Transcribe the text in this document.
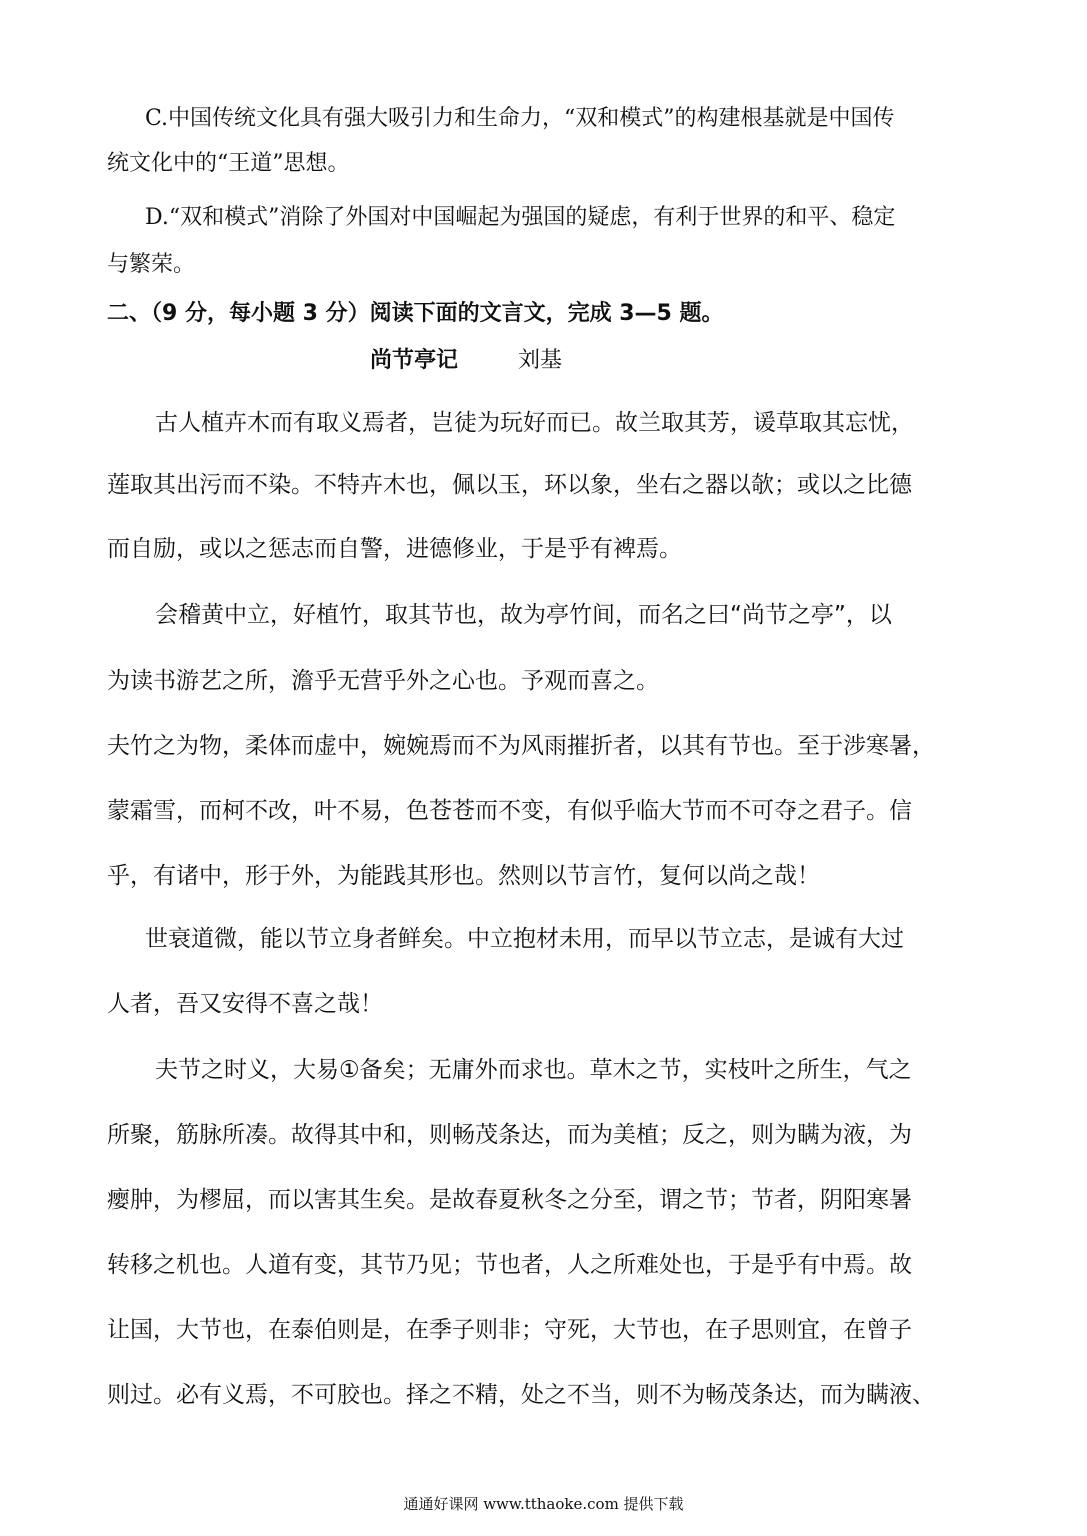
C.中国传统文化具有强大吸引力和生命力，“双和模式”的构建根基就是中国传
统文化中的“王道”思想。
D.“双和模式”消除了外国对中国崛起为强国的疑虑，有利于世界的和平、稳定
与繁荣。
二、（9 分，每小题 3 分）阅读下面的文言文，完成 3—5 题。
尚节亭记	刘基
古人植卉木而有取义焉者，岂徒为玩好而已。故兰取其芳，谖草取其忘忧，
莲取其出污而不染。不特卉木也，佩以玉，环以象，坐右之器以欹；或以之比德
而自励，或以之惩志而自警，进德修业，于是乎有裨焉。
会稽黄中立，好植竹，取其节也，故为亭竹间，而名之曰“尚节之亭”，以
为读书游艺之所，澹乎无营乎外之心也。予观而喜之。
夫竹之为物，柔体而虚中，婉婉焉而不为风雨摧折者，以其有节也。至于涉寒暑，
蒙霜雪，而柯不改，叶不易，色苍苍而不变，有似乎临大节而不可夺之君子。信
乎，有诸中，形于外，为能践其形也。然则以节言竹，复何以尚之哉！
世衰道微，能以节立身者鲜矣。中立抱材未用，而早以节立志，是诚有大过
人者，吾又安得不喜之哉！
夫节之时义，大易①备矣；无庸外而求也。草木之节，实枝叶之所生，气之
所聚，筋脉所凑。故得其中和，则畅茂条达，而为美植；反之，则为瞒为液，为
瘿肿，为樛屈，而以害其生矣。是故春夏秋冬之分至，谓之节；节者，阴阳寒暑
转移之机也。人道有变，其节乃见；节也者，人之所难处也，于是乎有中焉。故
让国，大节也，在泰伯则是，在季子则非；守死，大节也，在子思则宜，在曾子
则过。必有义焉，不可胶也。择之不精，处之不当，则不为畅茂条达，而为瞒液、
通通好课网 www.tthaoke.com 提供下载
